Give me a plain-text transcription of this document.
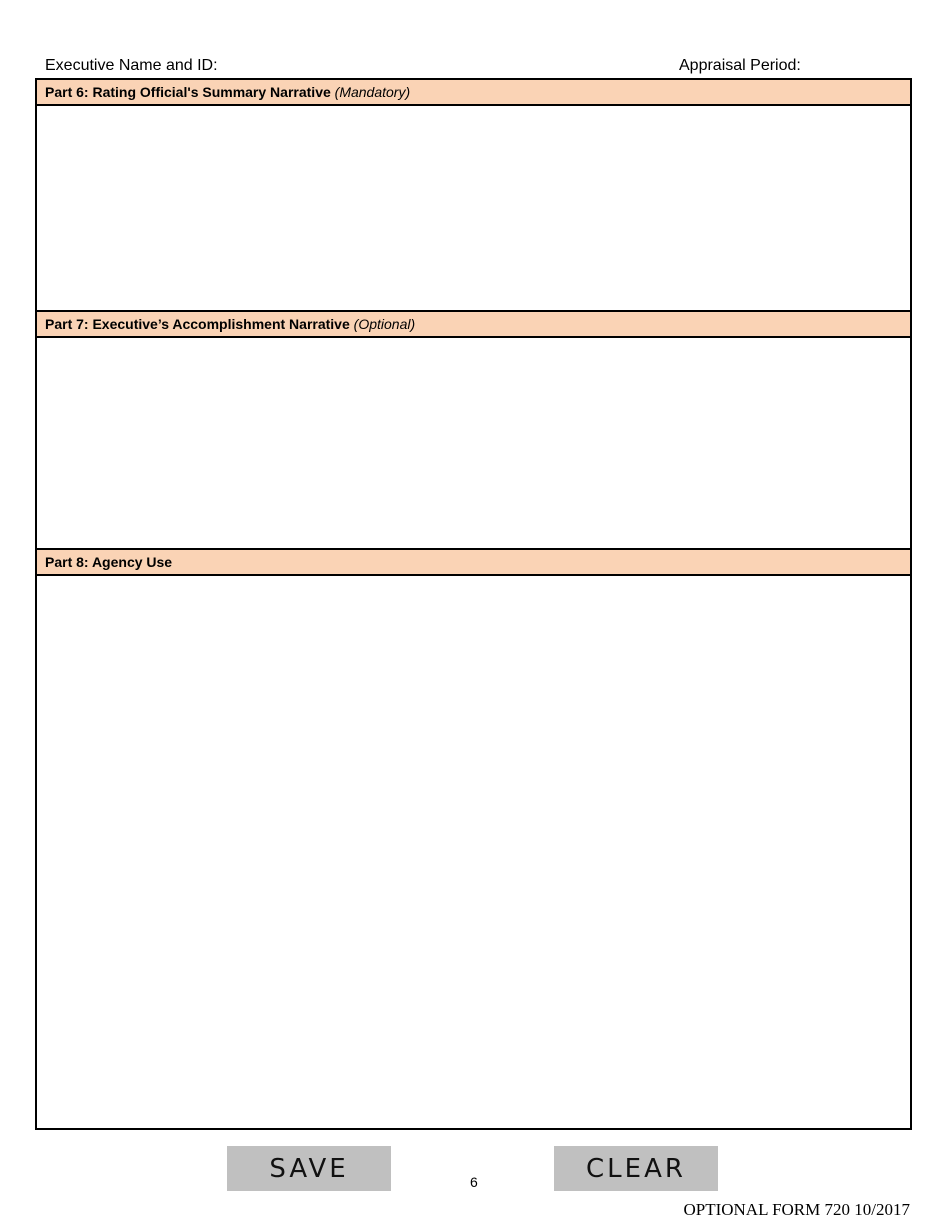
Executive Name and ID:	Appraisal Period:
Part 6: Rating Official's Summary Narrative (Mandatory)
Part 7: Executive’s Accomplishment Narrative (Optional)
Part 8: Agency Use
SAVE	6	CLEAR
OPTIONAL FORM 720 10/2017
